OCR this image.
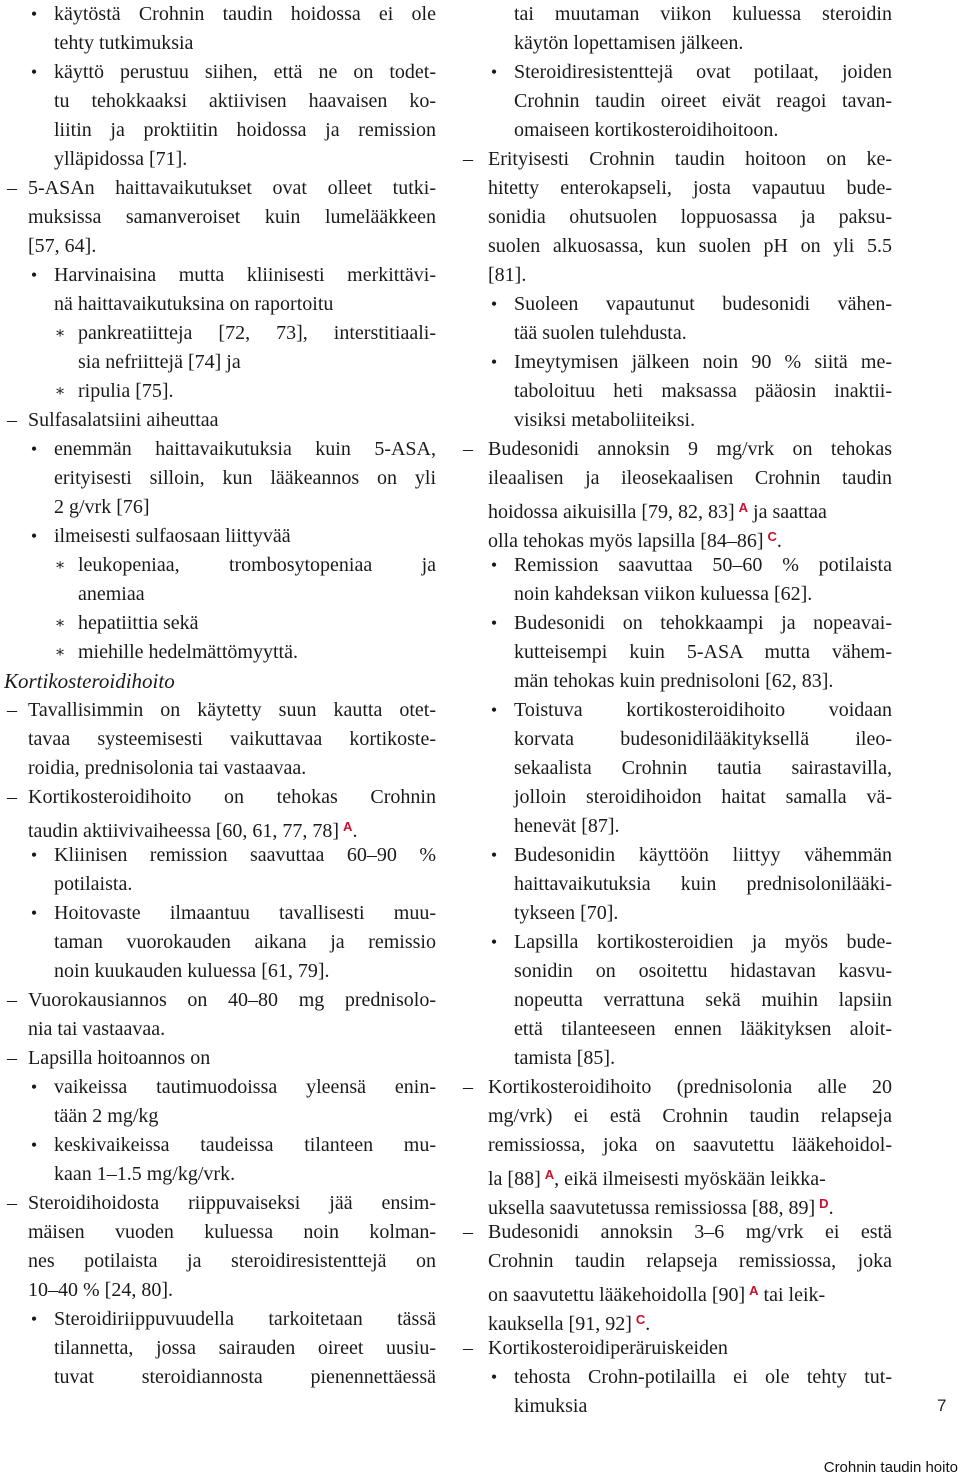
• käytöstä Crohnin taudin hoidossa ei ole
tehty tutkimuksia
• käyttö perustuu siihen, että ne on todet-
tu tehokkaaksi aktiivisen haavaisen ko-
liitin ja proktiitin hoidossa ja remission
ylläpidossa [71].
– 5-ASAn haittavaikutukset ovat olleet tutki-
muksissa samanveroiset kuin lumelääkkeen
[57, 64].
• Harvinaisina mutta kliinisesti merkittävi-
nä haittavaikutuksina on raportoitu
∗ pankreatiitteja [72, 73], interstitiaali-
sia nefriittejä [74] ja
∗ ripulia [75].
– Sulfasalatsiini aiheuttaa
• enemmän haittavaikutuksia kuin 5-ASA,
erityisesti silloin, kun lääkeannos on yli
2 g/vrk [76]
• ilmeisesti sulfaosaan liittyvää
∗ leukopeniaa, trombosytopeniaa ja
anemiaa
∗ hepatiittia sekä
∗ miehille hedelmättömyyttä.
Kortikosteroidihoito
– Tavallisimmin on käytetty suun kautta otet-
tavaa systeemisesti vaikuttavaa kortikoste-
roidia, prednisolonia tai vastaavaa.
– Kortikosteroidihoito on tehokas Crohnin
taudin aktiivivaiheessa [60, 61, 77, 78] $^A$.
• Kliinisen remission saavuttaa 60–90 %
potilaista.
• Hoitovaste ilmaantuu tavallisesti muu-
taman vuorokauden aikana ja remissio
noin kuukauden kuluessa [61, 79].
– Vuorokausiannos on 40–80 mg prednisolo-
nia tai vastaavaa.
– Lapsilla hoitoannos on
• vaikeissa tautimuodoissa yleensä enin-
tään 2 mg/kg
• keskivaikeissa taudeissa tilanteen mu-
kaan 1–1.5 mg/kg/vrk.
– Steroidihoidosta riippuvaiseksi jää ensim-
mäisen vuoden kuluessa noin kolman-
nes potilaista ja steroidiresistenttejä on
10–40 % [24, 80].
• Steroidiriippuvuudella tarkoitetaan tässä
tilannetta, jossa sairauden oireet uusiu-
tuvat steroidiannosta pienennettäessä
tai muutaman viikon kuluessa steroidin
käytön lopettamisen jälkeen.
• Steroidiresistenttejä ovat potilaat, joiden
Crohnin taudin oireet eivät reagoi tavan-
omaiseen kortikosteroidihoitoon.
– Erityisesti Crohnin taudin hoitoon on ke-
hitetty enterokapseli, josta vapautuu bude-
sonidia ohutsuolen loppuosassa ja paksu-
suolen alkuosassa, kun suolen pH on yli 5.5
[81].
• Suoleen vapautunut budesonidi vähen-
tää suolen tulehdusta.
• Imeytymisen jälkeen noin 90 % siitä me-
taboloituu heti maksassa pääosin inaktii-
visiksi metaboliiteiksi.
– Budesonidi annoksin 9 mg/vrk on tehokas
ileaalisen ja ileosekaalisen Crohnin taudin
hoidossa aikuisilla [79, 82, 83] $^A$ ja saattaa
olla tehokas myös lapsilla [84–86] $^C$.
• Remission saavuttaa 50–60 % potilaista
noin kahdeksan viikon kuluessa [62].
• Budesonidi on tehokkaampi ja nopeavai-
kutteisempi kuin 5-ASA mutta vähem-
män tehokas kuin prednisoloni [62, 83].
• Toistuva kortikosteroidihoito voidaan
korvata budesonidilääkityksellä ileo-
sekaalista Crohnin tautia sairastavilla,
jolloin steroidihoidon haitat samalla vä-
henevät [87].
• Budesonidin käyttöön liittyy vähemmän
haittavaikutuksia kuin prednisolonilääki-
tykseen [70].
• Lapsilla kortikosteroidien ja myös bude-
sonidin on osoitettu hidastavan kasvu-
nopeutta verrattuna sekä muihin lapsiin
että tilanteeseen ennen lääkityksen aloit-
tamista [85].
– Kortikosteroidihoito (prednisolonia alle 20
mg/vrk) ei estä Crohnin taudin relapseja
remissiossa, joka on saavutettu lääkehoidol-
la [88] $^A$, eikä ilmeisesti myöskään leikka-
uksella saavutetussa remissiossa [88, 89] $^D$.
– Budesonidi annoksin 3–6 mg/vrk ei estä
Crohnin taudin relapseja remissiossa, joka
on saavutettu lääkehoidolla [90] $^A$ tai leik-
kauksella [91, 92] $^C$.
– Kortikosteroidiperäruiskeiden
• tehosta Crohn-potilailla ei ole tehty tut-
kimuksia	7
Crohnin taudin hoito
